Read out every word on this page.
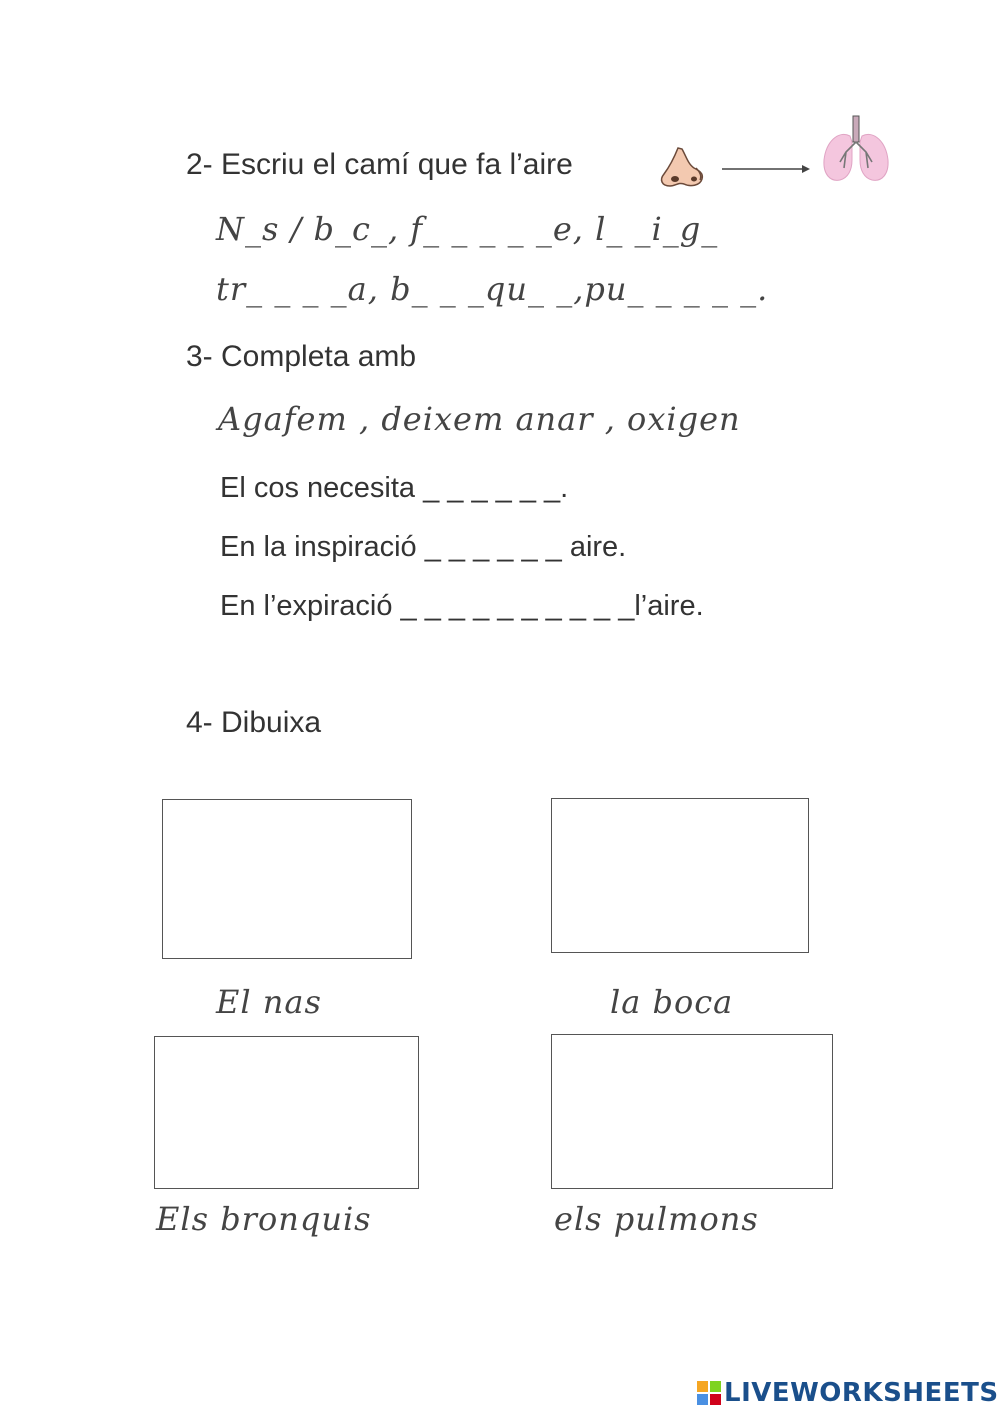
2- Escriu el camí que fa l’aire
N_s / b_c_, f_ _ _ _ _e, l_ _i_g_
tr_ _ _ _a, b_ _ _qu_ _,pu_ _ _ _ _.
3- Completa amb
Agafem , deixem anar , oxigen
El cos necesita _ _ _ _ _ _.
En la inspiració _ _ _ _ _ _ aire.
En l’expiració _ _ _ _ _ _ _ _ _ _l’aire.
4- Dibuixa
El nas	la boca
Els bronquis	els pulmons
LIVEWORKSHEETS
